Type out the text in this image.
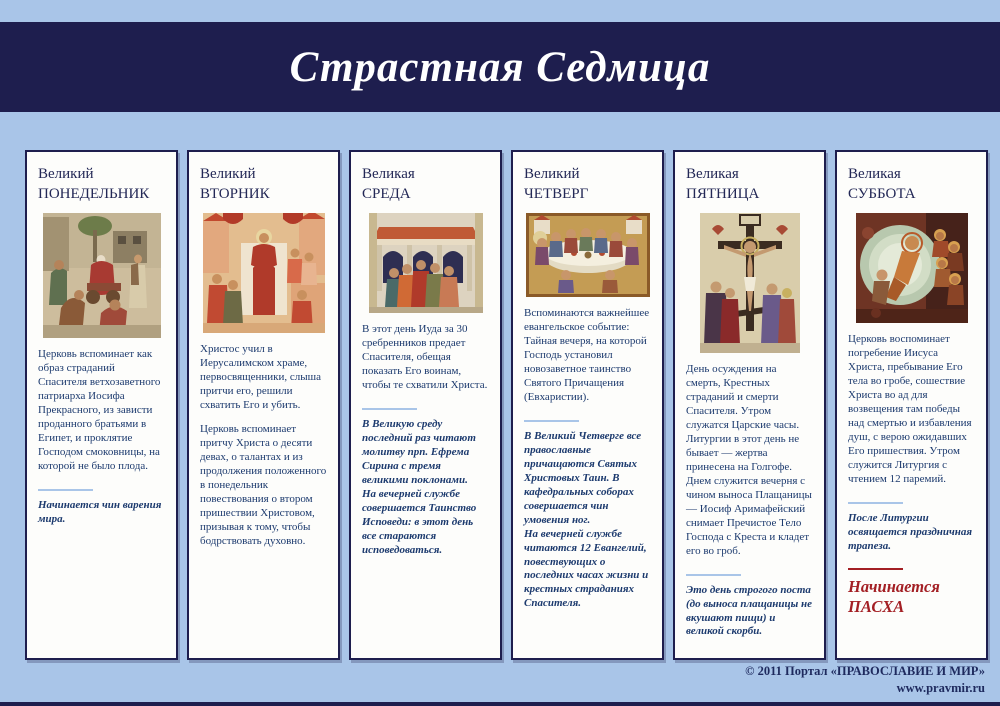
Страстная Седмица
Великий
ПОНЕДЕЛЬНИК

Церковь вспоминает как образ страданий Спасителя ветхозаветного патриарха Иосифа Прекрасного, из зависти проданного братьями в Египет, и проклятие Господом смоковницы, на которой не было плода.

Начинается чин варения мира.

Великий
ВТОРНИК

Христос учил в Иерусалимском храме, первосвященники, слыша притчи его, решили схватить Его и убить.

Церковь вспоминает притчу Христа о десяти девах, о талантах и из продолжения положенного в понедельник повествования о втором пришествии Христовом, призывая к тому, чтобы бодрствовать духовно.

Великая
СРЕДА

В этот день Иуда за 30 сребренников предает Спасителя, обещая показать Его воинам, чтобы те схватили Христа.

В Великую среду последний раз читают молитву прп. Ефрема Сирина с тремя великими поклонами.

На вечерней службе совершается Таинство Исповеди: в этот день все стараются исповедоваться.

Великий
ЧЕТВЕРГ

Вспоминаются важнейшее евангельское событие: Тайная вечеря, на которой Господь установил новозаветное таинство Святого Причащения (Евхаристии).

В Великий Четверге все православные причащаются Святых Христовых Таин. В кафедральных соборах совершается чин умовения ног.

На вечерней службе читаются 12 Евангелий, повествующих о последних часах жизни и крестных страданиях Спасителя.

Великая
ПЯТНИЦА

День осуждения на смерть, Крестных страданий и смерти Спасителя. Утром служатся Царские часы. Литургии в этот день не бывает — жертва принесена на Голгофе. Днем служится вечерня с чином выноса Плащаницы — Иосиф Аримафейский снимает Пречистое Тело Господа с Креста и кладет его во гроб.

Это день строгого поста (до выноса плащаницы не вкушают пищи) и великой скорби.

Великая
СУББОТА

Церковь воспоминает погребение Иисуса Христа, пребывание Его тела во гробе, сошествие Христа во ад для возвещения там победы над смертью и избавления душ, с верою ожидавших Его пришествия. Утром служится Литургия с чтением 12 паремий.

После Литургии освящается праздничная трапеза.

Начинается ПАСХА

© 2011 Портал «ПРАВОСЛАВИЕ И МИР»
www.pravmir.ru
